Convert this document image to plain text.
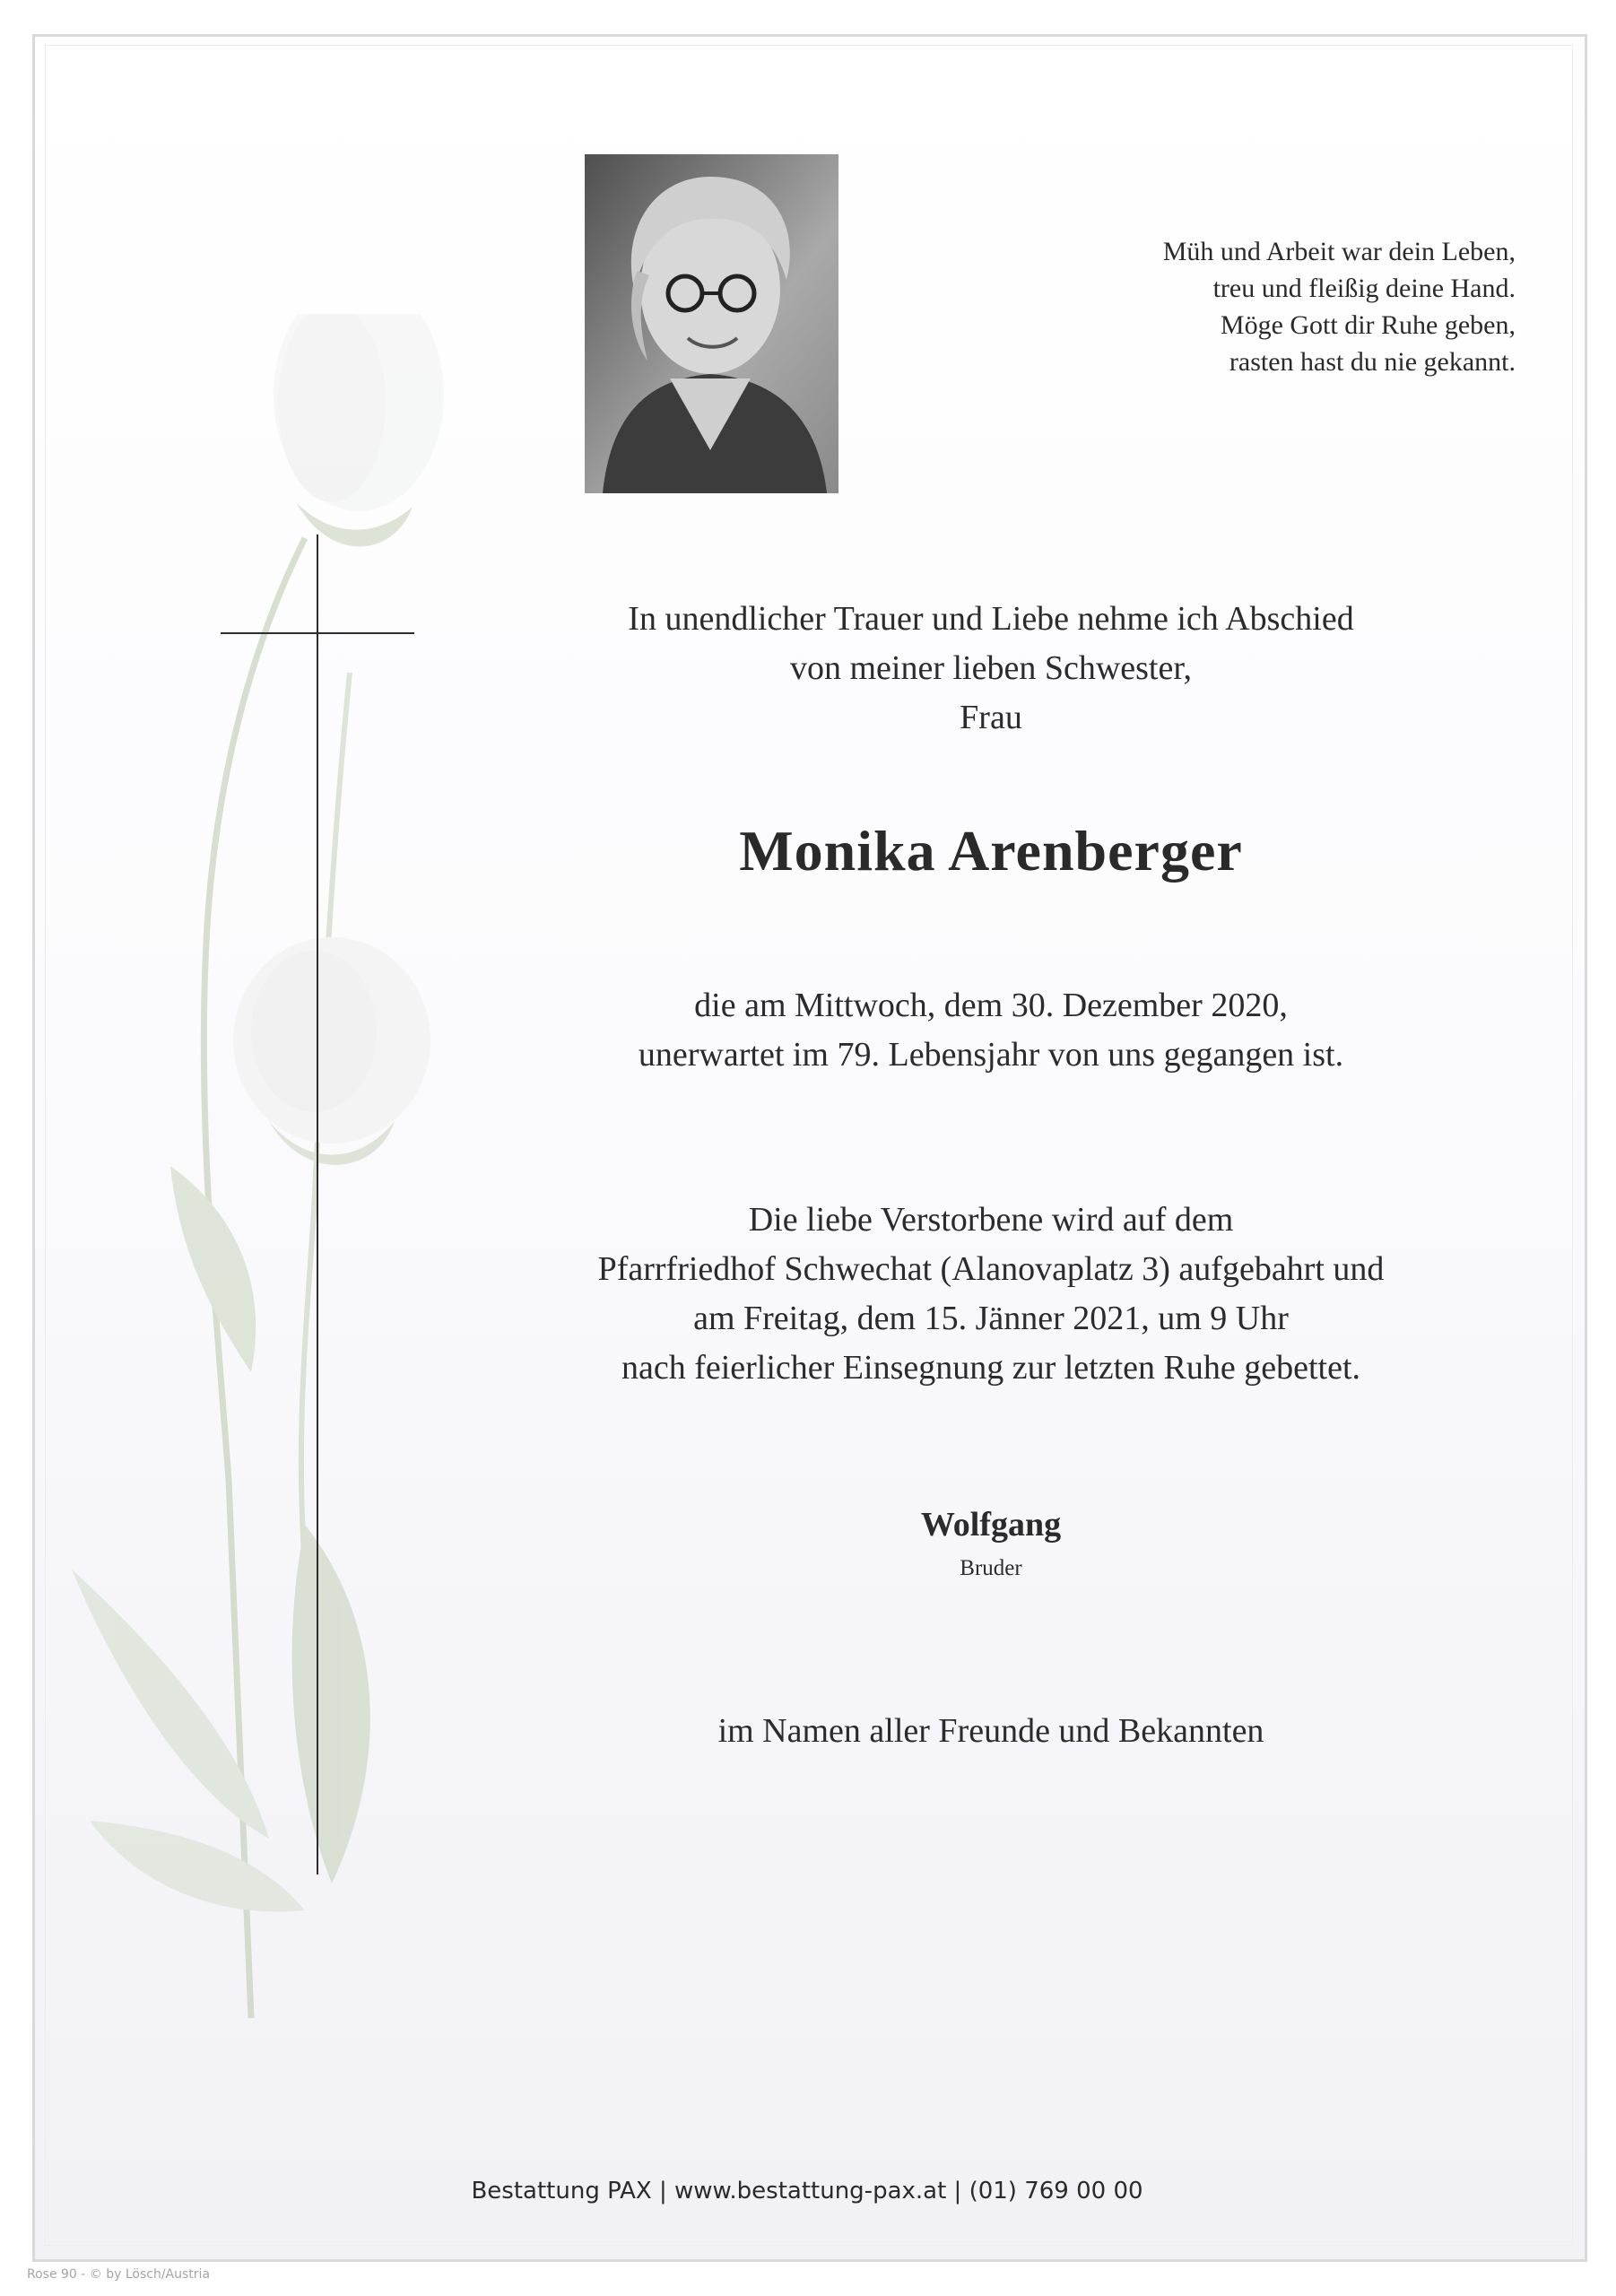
Müh und Arbeit war dein Leben,
treu und fleißig deine Hand.
Möge Gott dir Ruhe geben,
rasten hast du nie gekannt.
In unendlicher Trauer und Liebe nehme ich Abschied
von meiner lieben Schwester,
Frau
Monika Arenberger
die am Mittwoch, dem 30. Dezember 2020,
unerwartet im 79. Lebensjahr von uns gegangen ist.
Die liebe Verstorbene wird auf dem
Pfarrfriedhof Schwechat (Alanovaplatz 3) aufgebahrt und
am Freitag, dem 15. Jänner 2021, um 9 Uhr
nach feierlicher Einsegnung zur letzten Ruhe gebettet.
Wolfgang
Bruder
im Namen aller Freunde und Bekannten
Bestattung PAX | www.bestattung-pax.at | (01) 769 00 00
Rose 90 - © by Lösch/Austria
